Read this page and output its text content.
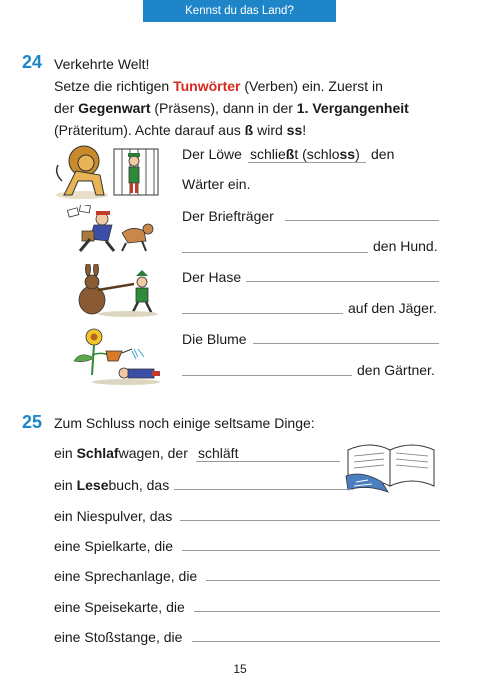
Kennst du das Land?
24 Verkehrte Welt!
Setze die richtigen Tunwörter (Verben) ein. Zuerst in
der Gegenwart (Präsens), dann in der 1. Vergangenheit
(Präteritum). Achte darauf aus ß wird ss!
Der Löwe schließt (schloss) den
Wärter ein.
Der Briefträger
den Hund.
Der Hase
auf den Jäger.
Die Blume
den Gärtner.
25 Zum Schluss noch einige seltsame Dinge:
ein Schlafwagen, der schläft
ein Lesebuch, das
ein Niespulver, das
eine Spielkarte, die
eine Sprechanlage, die
eine Speisekarte, die
eine Stoßstange, die
15
